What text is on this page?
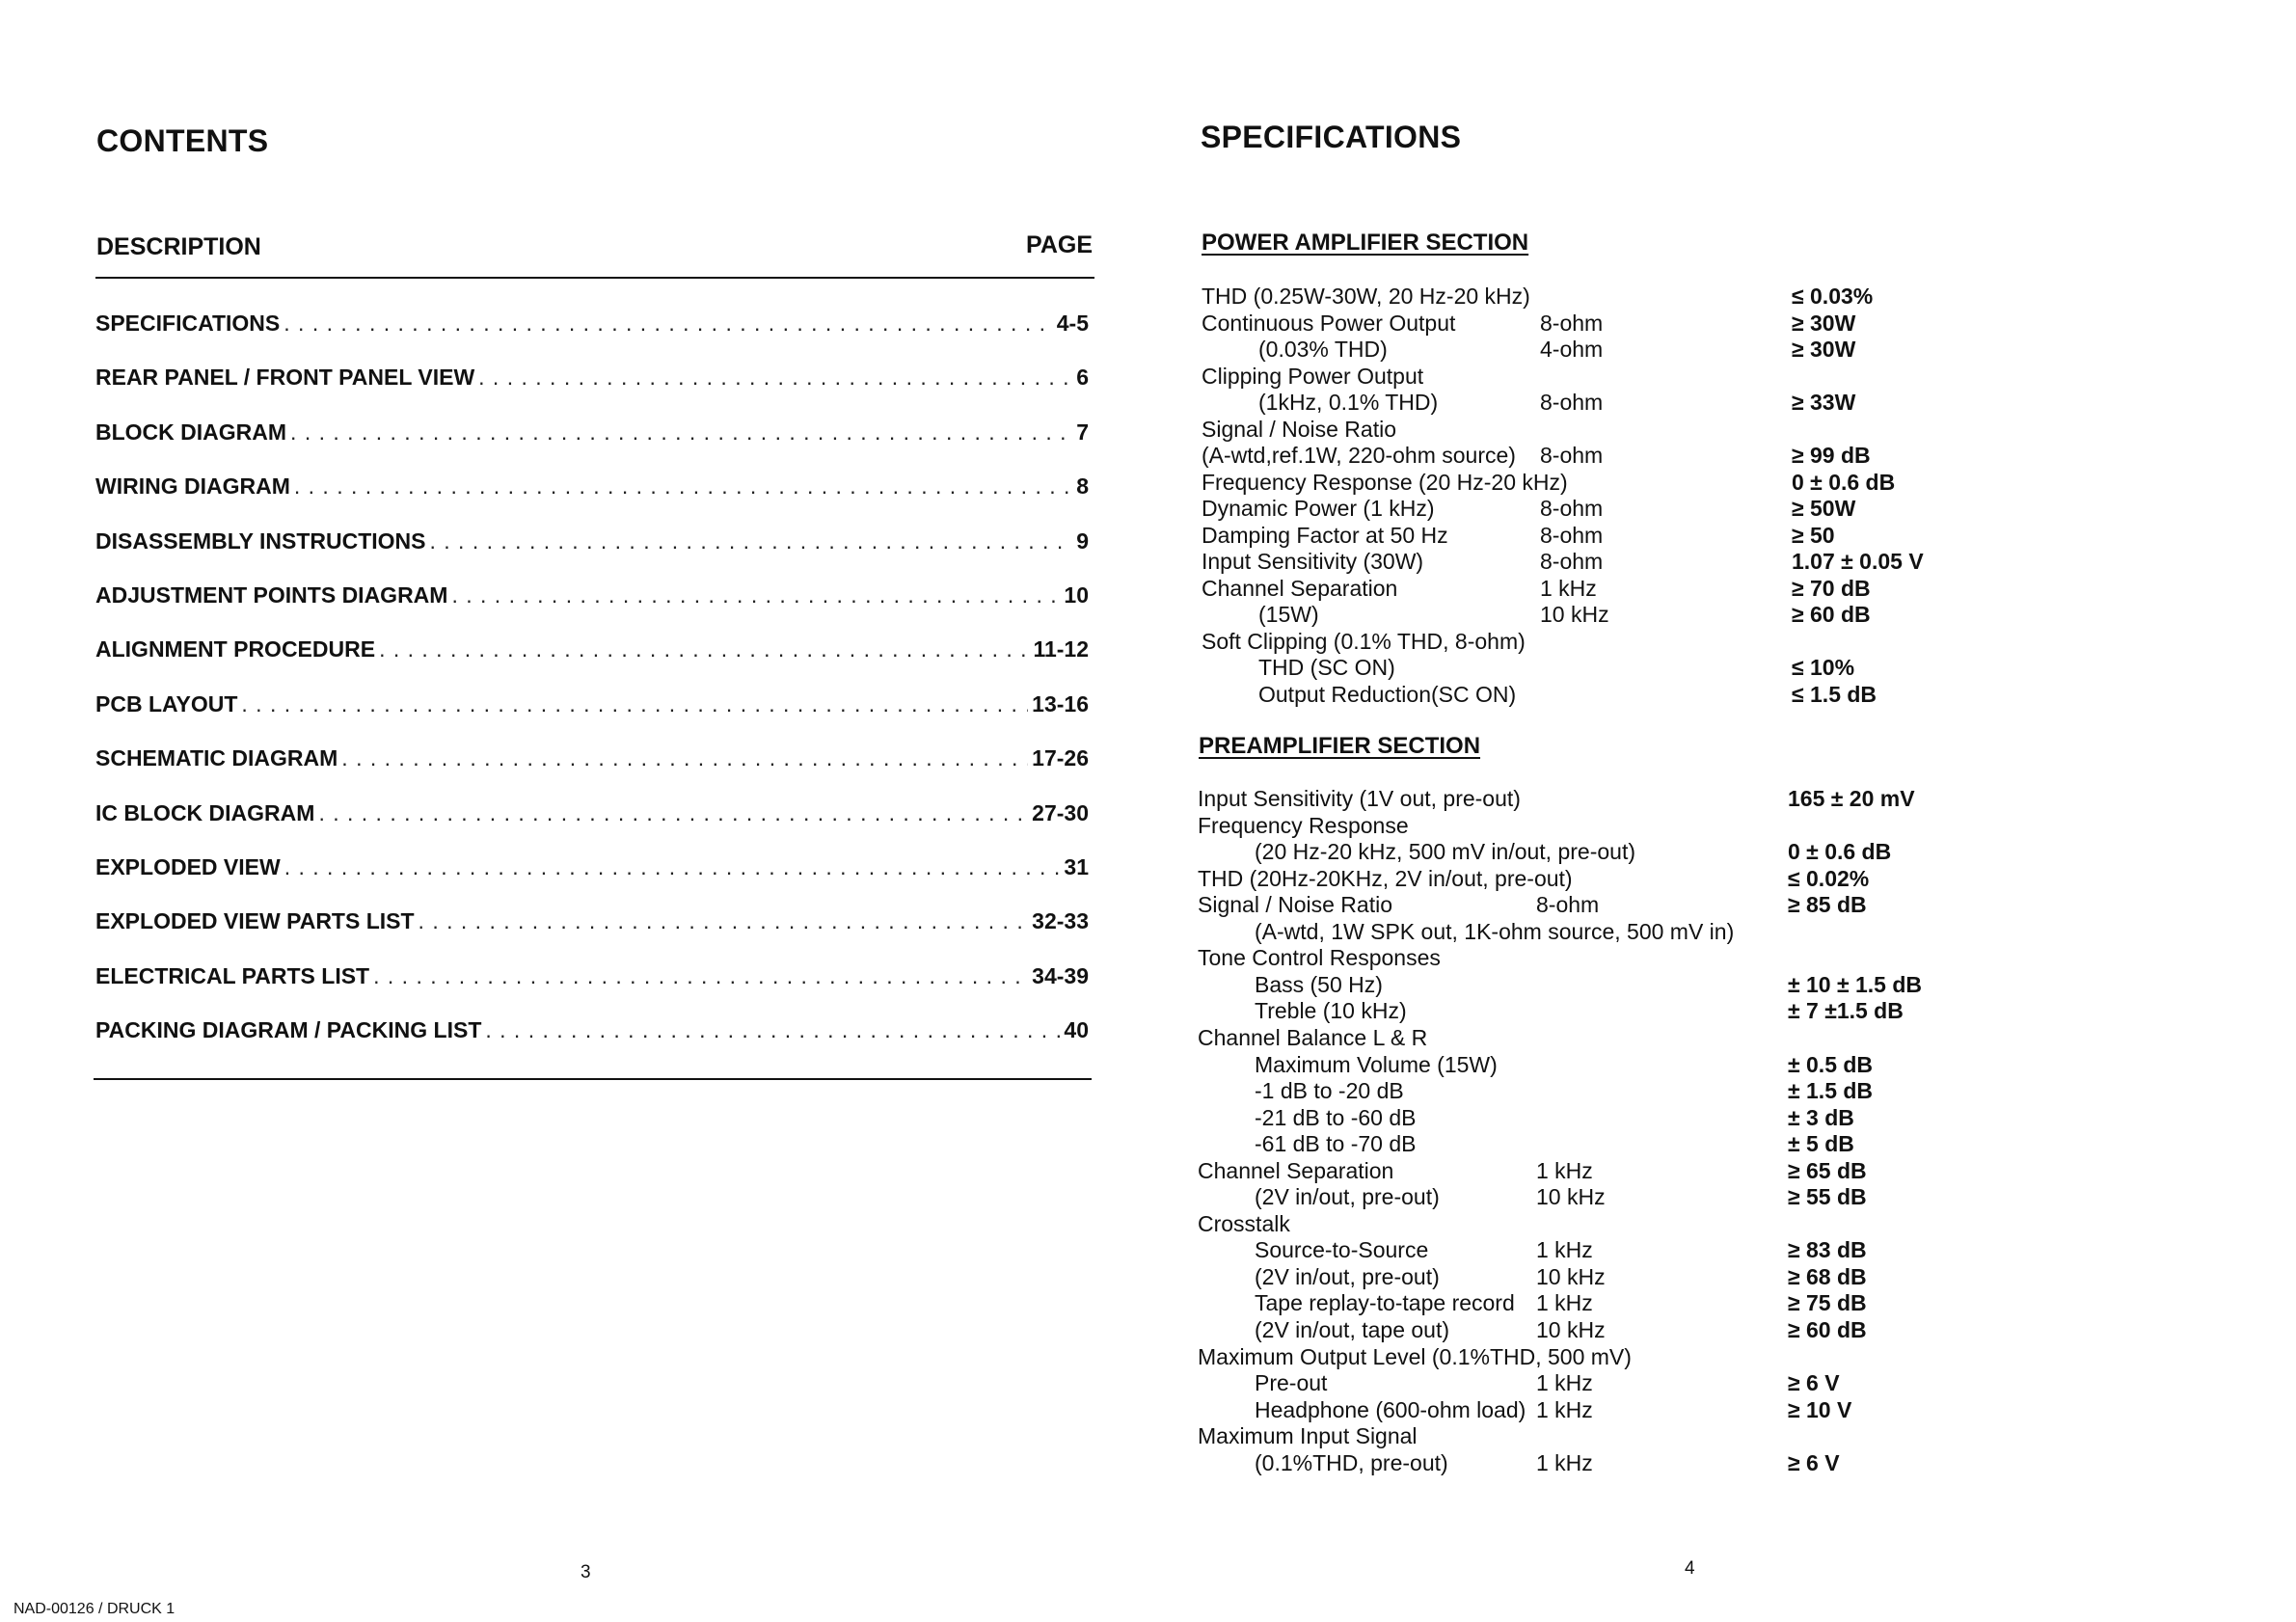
CONTENTS
DESCRIPTION	PAGE
SPECIFICATIONS . . .	4-5
REAR PANEL / FRONT PANEL VIEW . . .	6
BLOCK DIAGRAM . . .	7
WIRING DIAGRAM . . .	8
DISASSEMBLY INSTRUCTIONS . . .	9
ADJUSTMENT POINTS DIAGRAM . . .	10
ALIGNMENT PROCEDURE . . .	11-12
PCB LAYOUT . . .	13-16
SCHEMATIC DIAGRAM . . .	17-26
IC BLOCK DIAGRAM . . .	27-30
EXPLODED VIEW . . .	31
EXPLODED VIEW PARTS LIST . . .	32-33
ELECTRICAL PARTS LIST . . .	34-39
PACKING DIAGRAM / PACKING LIST . . .	40
3
NAD-00126 / DRUCK 1
SPECIFICATIONS
POWER AMPLIFIER SECTION
THD (0.25W-30W, 20 Hz-20 kHz)	≤ 0.03%
Continuous Power Output	8-ohm	≥ 30W
(0.03% THD)	4-ohm	≥ 30W
Clipping Power Output
(1kHz, 0.1% THD)	8-ohm	≥ 33W
Signal / Noise Ratio
(A-wtd,ref.1W, 220-ohm source) 8-ohm	≥ 99 dB
Frequency Response (20 Hz-20 kHz)	0 ± 0.6 dB
Dynamic Power (1 kHz)	8-ohm	≥ 50W
Damping Factor at 50 Hz	8-ohm	≥ 50
Input Sensitivity (30W)	8-ohm	1.07 ± 0.05 V
Channel Separation	1 kHz	≥ 70 dB
(15W)	10 kHz	≥ 60 dB
Soft Clipping (0.1% THD, 8-ohm)
THD (SC ON)	≤ 10%
Output Reduction(SC ON)	≤ 1.5 dB
PREAMPLIFIER SECTION
Input Sensitivity (1V out, pre-out)	165 ± 20 mV
Frequency Response
(20 Hz-20 kHz, 500 mV in/out, pre-out)	0 ± 0.6 dB
THD (20Hz-20KHz, 2V in/out, pre-out)	≤ 0.02%
Signal / Noise Ratio	8-ohm	≥ 85 dB
(A-wtd, 1W SPK out, 1K-ohm source, 500 mV in)
Tone Control Responses
Bass (50 Hz)	± 10 ± 1.5 dB
Treble (10 kHz)	± 7 ±1.5 dB
Channel Balance L & R
Maximum Volume (15W)	± 0.5 dB
-1 dB to -20 dB	± 1.5 dB
-21 dB to -60 dB	± 3 dB
-61 dB to -70 dB	± 5 dB
Channel Separation	1 kHz	≥ 65 dB
(2V in/out, pre-out)	10 kHz	≥ 55 dB
Crosstalk
Source-to-Source	1 kHz	≥ 83 dB
(2V in/out, pre-out)	10 kHz	≥ 68 dB
Tape replay-to-tape record 1 kHz	≥ 75 dB
(2V in/out, tape out)	10 kHz	≥ 60 dB
Maximum Output Level (0.1%THD, 500 mV)
Pre-out	1 kHz	≥ 6 V
Headphone (600-ohm load) 1 kHz	≥ 10 V
Maximum Input Signal
(0.1%THD, pre-out)	1 kHz	≥ 6 V
4
